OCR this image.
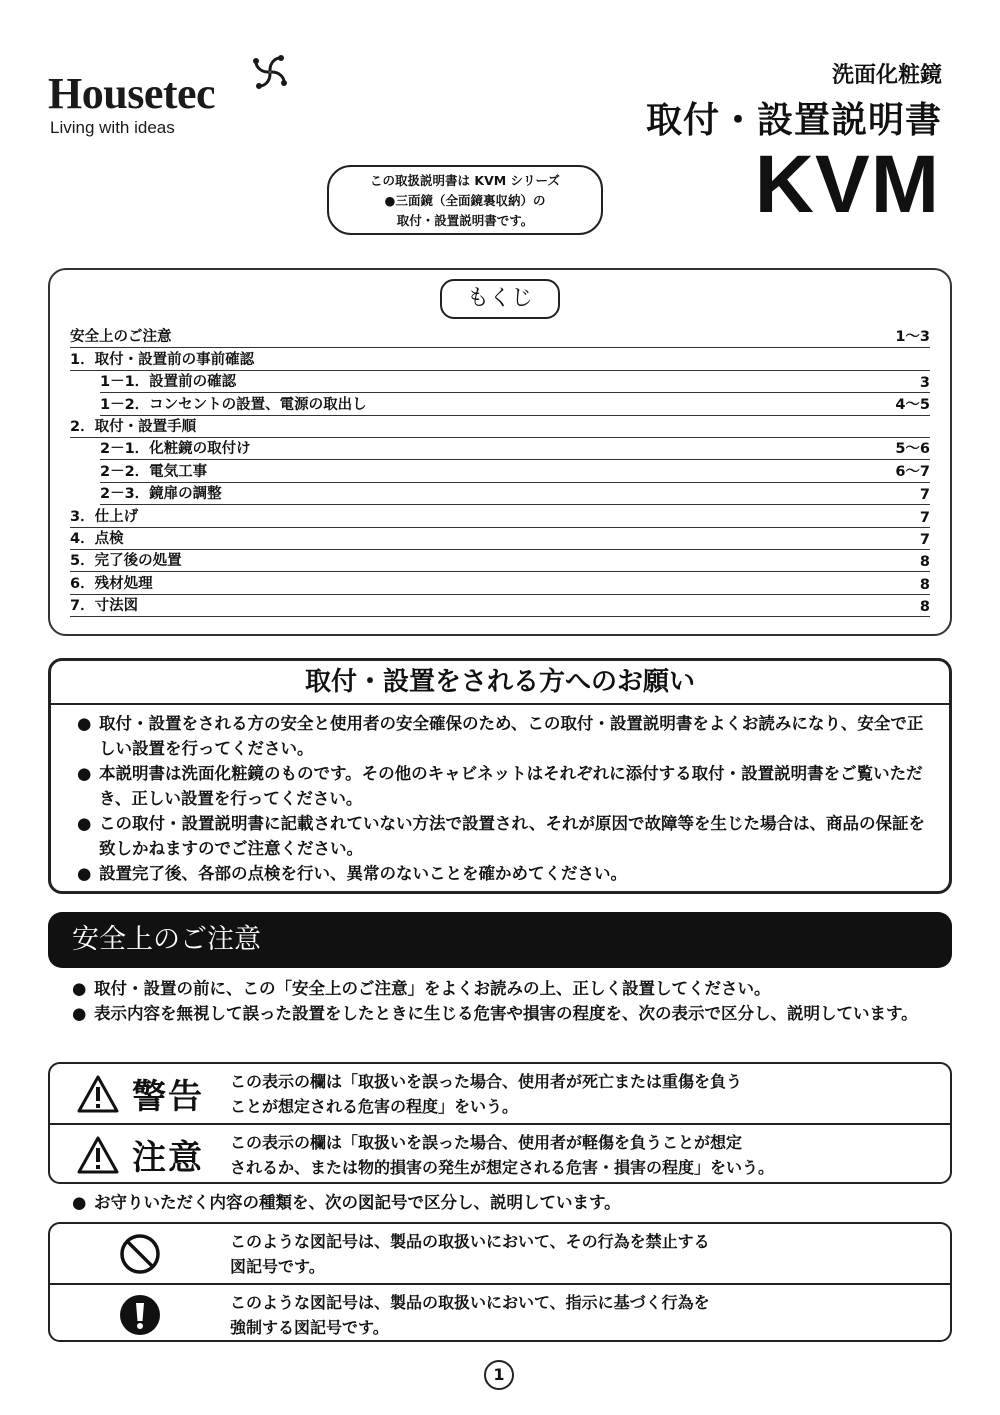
Housetec
Living with ideas
洗面化粧鏡
取付・設置説明書
KVM
この取扱説明書は KVM シリーズ
●三面鏡（全面鏡裏収納）の
取付・設置説明書です。
もくじ
安全上のご注意	1～3
1．取付・設置前の事前確認
1－1．設置前の確認	3
1－2．コンセントの設置、電源の取出し	4～5
2．取付・設置手順
2－1．化粧鏡の取付け	5～6
2－2．電気工事	6～7
2－3．鏡扉の調整	7
3．仕上げ	7
4．点検	7
5．完了後の処置	8
6．残材処理	8
7．寸法図	8
取付・設置をされる方へのお願い
● 取付・設置をされる方の安全と使用者の安全確保のため、この取付・設置説明書をよくお読みになり、安全で正しい設置を行ってください。
● 本説明書は洗面化粧鏡のものです。その他のキャビネットはそれぞれに添付する取付・設置説明書をご覧いただき、正しい設置を行ってください。
● この取付・設置説明書に記載されていない方法で設置され、それが原因で故障等を生じた場合は、商品の保証を致しかねますのでご注意ください。
● 設置完了後、各部の点検を行い、異常のないことを確かめてください。
安全上のご注意
● 取付・設置の前に、この「安全上のご注意」をよくお読みの上、正しく設置してください。
● 表示内容を無視して誤った設置をしたときに生じる危害や損害の程度を、次の表示で区分し、説明しています。
警告 この表示の欄は「取扱いを誤った場合、使用者が死亡または重傷を負う
ことが想定される危害の程度」をいう。
注意 この表示の欄は「取扱いを誤った場合、使用者が軽傷を負うことが想定
されるか、または物的損害の発生が想定される危害・損害の程度」をいう。
● お守りいただく内容の種類を、次の図記号で区分し、説明しています。
このような図記号は、製品の取扱いにおいて、その行為を禁止する
図記号です。
このような図記号は、製品の取扱いにおいて、指示に基づく行為を
強制する図記号です。
1
